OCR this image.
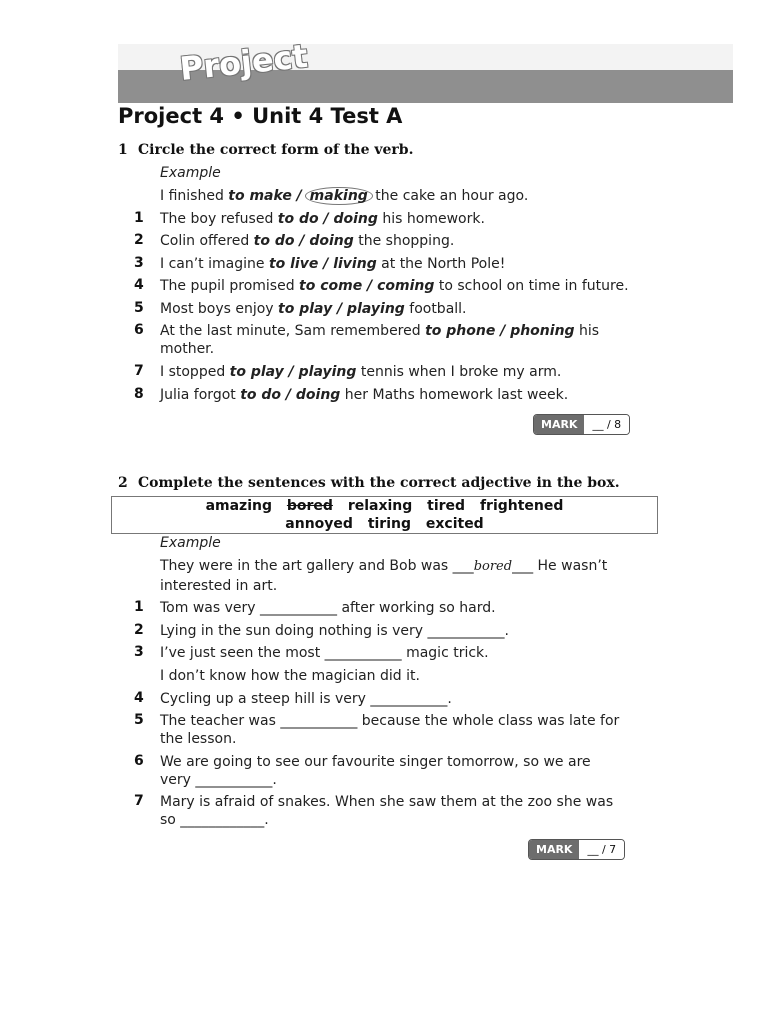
Project
Project 4 • Unit 4 Test A
1 Circle the correct form of the verb.
Example
I finished to make / making the cake an hour ago.
1 The boy refused to do / doing his homework.
2 Colin offered to do / doing the shopping.
3 I can’t imagine to live / living at the North Pole!
4 The pupil promised to come / coming to school on time in future.
5 Most boys enjoy to play / playing football.
6 At the last minute, Sam remembered to phone / phoning his
mother.
7 I stopped to play / playing tennis when I broke my arm.
8 Julia forgot to do / doing her Maths homework last week.
MARK	__ / 8
2 Complete the sentences with the correct adjective in the box.
amazing bored relaxing tired frightened
annoyed tiring excited
Example
They were in the art gallery and Bob was ___bored___ He wasn’t
interested in art.
1 Tom was very ___________ after working so hard.
2 Lying in the sun doing nothing is very ___________.
3 I’ve just seen the most ___________ magic trick.
I don’t know how the magician did it.
4 Cycling up a steep hill is very ___________.
5 The teacher was ___________ because the whole class was late for
the lesson.
6 We are going to see our favourite singer tomorrow, so we are
very ___________.
7 Mary is afraid of snakes. When she saw them at the zoo she was
so ____________.
MARK	__ / 7
